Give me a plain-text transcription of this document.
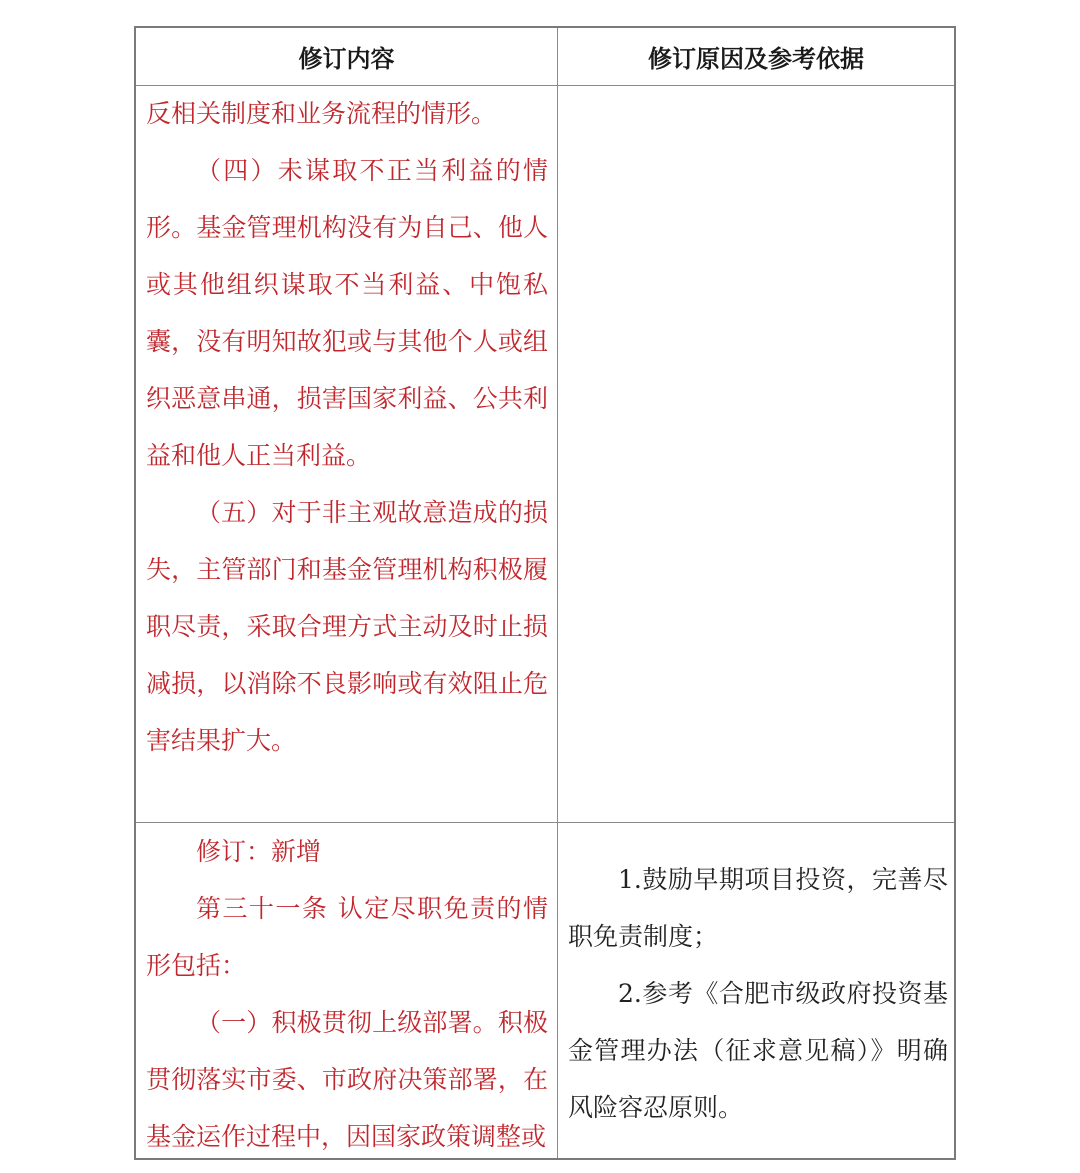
修订内容	修订原因及参考依据

反相关制度和业务流程的情形。

（四）未谋取不正当利益的情形。基金管理机构没有为自己、他人或其他组织谋取不当利益、中饱私囊，没有明知故犯或与其他个人或组织恶意串通，损害国家利益、公共利益和他人正当利益。

（五）对于非主观故意造成的损失，主管部门和基金管理机构积极履职尽责，采取合理方式主动及时止损减损，以消除不良影响或有效阻止危害结果扩大。

修订：新增

第三十一条 认定尽职免责的情形包括：

（一）积极贯彻上级部署。积极贯彻落实市委、市政府决策部署，在基金运作过程中，因国家政策调整或

1.鼓励早期项目投资，完善尽职免责制度；

2.参考《合肥市级政府投资基金管理办法（征求意见稿）》明确风险容忍原则。
